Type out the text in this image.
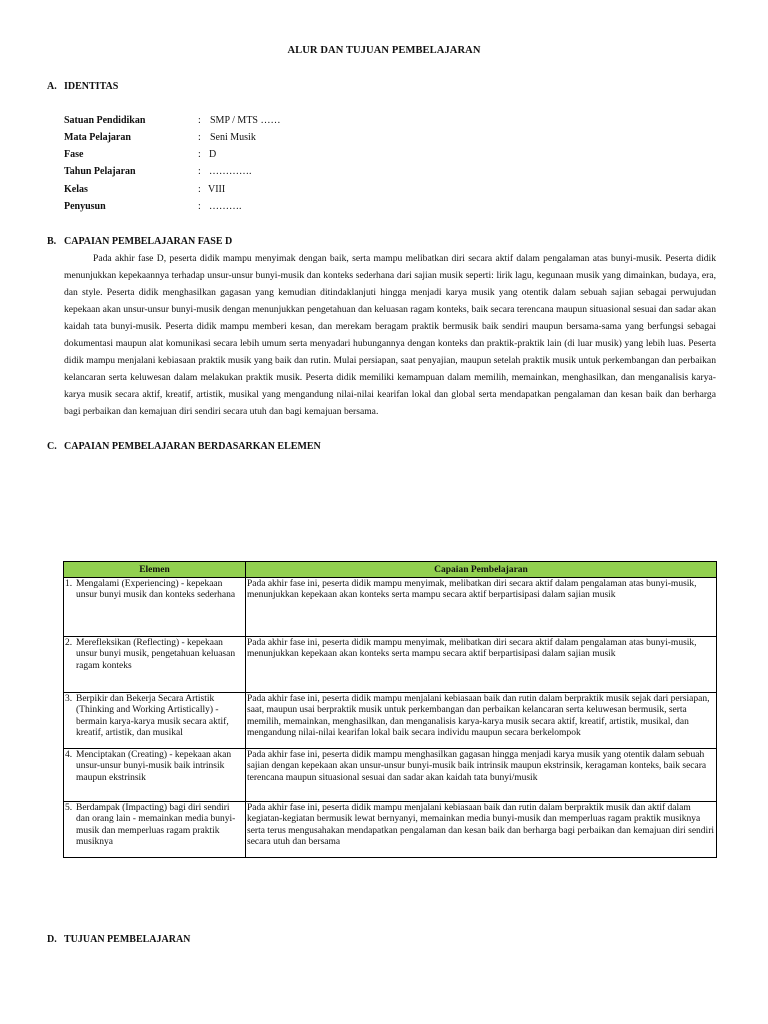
ALUR DAN TUJUAN PEMBELAJARAN
A. IDENTITAS
Satuan Pendidikan	: SMP / MTS ……
Mata Pelajaran	: Seni Musik
Fase	: D
Tahun Pelajaran	: ………….
Kelas	: VIII
Penyusun	: ……….
B. CAPAIAN PEMBELAJARAN FASE D

Pada akhir fase D, peserta didik mampu menyimak dengan baik, serta mampu melibatkan diri secara aktif dalam pengalaman atas bunyi-musik. Peserta didik menunjukkan kepekaannya terhadap unsur-unsur bunyi-musik dan konteks sederhana dari sajian musik seperti: lirik lagu, kegunaan musik yang dimainkan, budaya, era, dan style. Peserta didik menghasilkan gagasan yang kemudian ditindaklanjuti hingga menjadi karya musik yang otentik dalam sebuah sajian sebagai perwujudan kepekaan akan unsur-unsur bunyi-musik dengan menunjukkan pengetahuan dan keluasan ragam konteks, baik secara terencana maupun situasional sesuai dan sadar akan kaidah tata bunyi-musik. Peserta didik mampu memberi kesan, dan merekam beragam praktik bermusik baik sendiri maupun bersama-sama yang berfungsi sebagai dokumentasi maupun alat komunikasi secara lebih umum serta menyadari hubungannya dengan konteks dan praktik-praktik lain (di luar musik) yang lebih luas. Peserta didik mampu menjalani kebiasaan praktik musik yang baik dan rutin. Mulai persiapan, saat penyajian, maupun setelah praktik musik untuk perkembangan dan perbaikan kelancaran serta keluwesan dalam melakukan praktik musik. Peserta didik memiliki kemampuan dalam memilih, memainkan, menghasilkan, dan menganalisis karya-karya musik secara aktif, kreatif, artistik, musikal yang mengandung nilai-nilai kearifan lokal dan global serta mendapatkan pengalaman dan kesan baik dan berharga bagi perbaikan dan kemajuan diri sendiri secara utuh dan bagi kemajuan bersama.

C. CAPAIAN PEMBELAJARAN BERDASARKAN ELEMEN
Elemen	Capaian Pembelajaran

1. Mengalami (Experiencing) - kepekaan unsur bunyi musik dan konteks sederhana	Pada akhir fase ini, peserta didik mampu menyimak, melibatkan diri secara aktif dalam pengalaman atas bunyi-musik, menunjukkan kepekaan akan konteks serta mampu secara aktif berpartisipasi dalam sajian musik

2. Merefleksikan (Reflecting) - kepekaan unsur bunyi musik, pengetahuan keluasan ragam konteks	Pada akhir fase ini, peserta didik mampu menyimak, melibatkan diri secara aktif dalam pengalaman atas bunyi-musik, menunjukkan kepekaan akan konteks serta mampu secara aktif berpartisipasi dalam sajian musik

3. Berpikir dan Bekerja Secara Artistik (Thinking and Working Artistically) - bermain karya-karya musik secara aktif, kreatif, artistik, dan musikal	Pada akhir fase ini, peserta didik mampu menjalani kebiasaan baik dan rutin dalam berpraktik musik sejak dari persiapan, saat, maupun usai berpraktik musik untuk perkembangan dan perbaikan kelancaran serta keluwesan bermusik, serta memilih, memainkan, menghasilkan, dan menganalisis karya-karya musik secara aktif, kreatif, artistik, musikal, dan mengandung nilai-nilai kearifan lokal baik secara individu maupun secara berkelompok

4. Menciptakan (Creating) - kepekaan akan unsur-unsur bunyi-musik baik intrinsik maupun ekstrinsik	Pada akhir fase ini, peserta didik mampu menghasilkan gagasan hingga menjadi karya musik yang otentik dalam sebuah sajian dengan kepekaan akan unsur-unsur bunyi-musik baik intrinsik maupun ekstrinsik, keragaman konteks, baik secara terencana maupun situasional sesuai dan sadar akan kaidah tata bunyi/musik

5. Berdampak (Impacting) bagi diri sendiri dan orang lain - memainkan media bunyi-musik dan memperluas ragam praktik musiknya	Pada akhir fase ini, peserta didik mampu menjalani kebiasaan baik dan rutin dalam berpraktik musik dan aktif dalam kegiatan-kegiatan bermusik lewat bernyanyi, memainkan media bunyi-musik dan memperluas ragam praktik musiknya serta terus mengusahakan mendapatkan pengalaman dan kesan baik dan berharga bagi perbaikan dan kemajuan diri sendiri secara utuh dan bersama
D. TUJUAN PEMBELAJARAN
